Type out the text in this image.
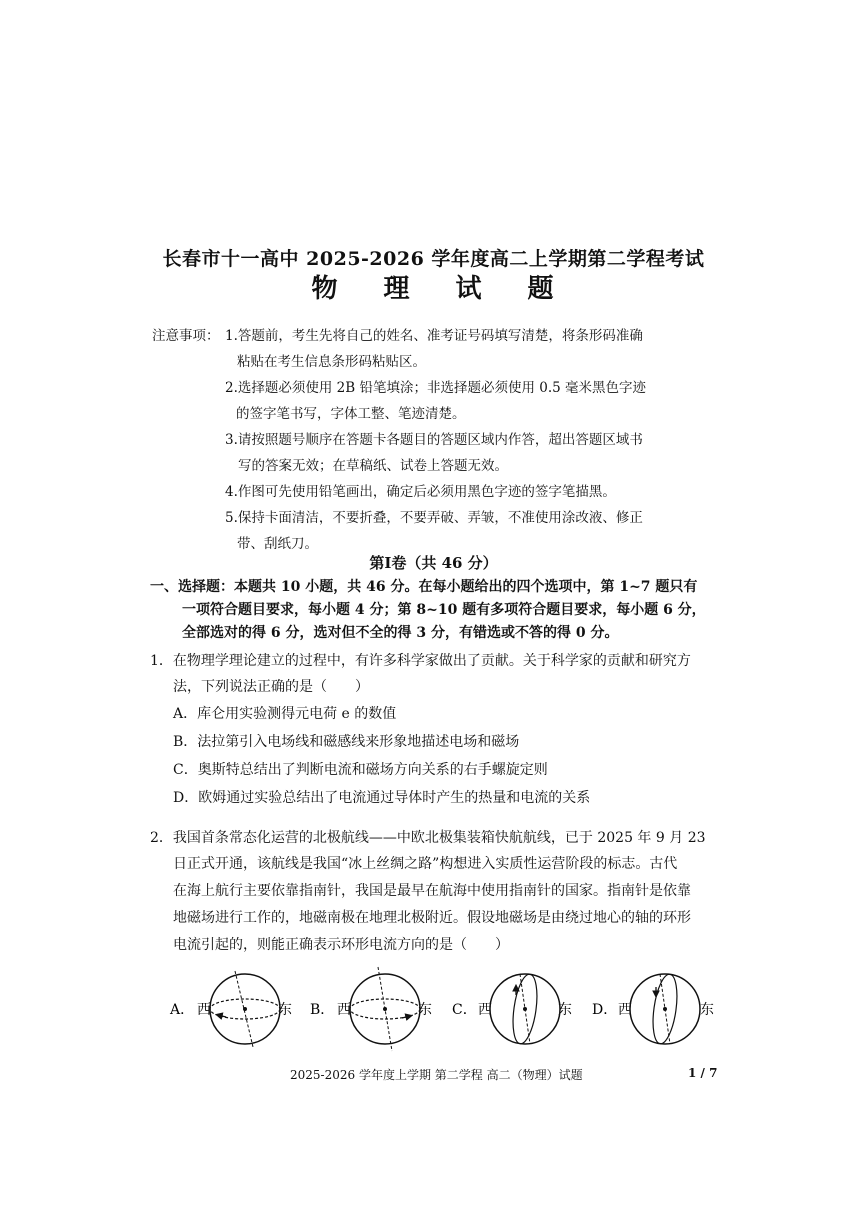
长春市十一高中 2025-2026 学年度高二上学期第二学程考试
物 理 试 题
注意事项： 1.答题前，考生先将自己的姓名、准考证号码填写清楚，将条形码准确
粘贴在考生信息条形码粘贴区。
2.选择题必须使用 2B 铅笔填涂；非选择题必须使用 0.5 毫米黑色字迹
的签字笔书写，字体工整、笔迹清楚。
3.请按照题号顺序在答题卡各题目的答题区域内作答，超出答题区域书
写的答案无效；在草稿纸、试卷上答题无效。
4.作图可先使用铅笔画出，确定后必须用黑色字迹的签字笔描黑。
5.保持卡面清洁，不要折叠，不要弄破、弄皱，不准使用涂改液、修正
带、刮纸刀。
第Ⅰ卷（共 46 分）
一、选择题：本题共 10 小题，共 46 分。在每小题给出的四个选项中，第 1~7 题只有
一项符合题目要求，每小题 4 分；第 8~10 题有多项符合题目要求，每小题 6 分，
全部选对的得 6 分，选对但不全的得 3 分，有错选或不答的得 0 分。
1．在物理学理论建立的过程中，有许多科学家做出了贡献。关于科学家的贡献和研究方
法，下列说法正确的是（　　）
A．库仑用实验测得元电荷 e 的数值
B．法拉第引入电场线和磁感线来形象地描述电场和磁场
C．奥斯特总结出了判断电流和磁场方向关系的右手螺旋定则
D．欧姆通过实验总结出了电流通过导体时产生的热量和电流的关系
2．我国首条常态化运营的北极航线——中欧北极集装箱快航航线，已于 2025 年 9 月 23
日正式开通，该航线是我国“冰上丝绸之路”构想进入实质性运营阶段的标志。古代
在海上航行主要依靠指南针，我国是最早在航海中使用指南针的国家。指南针是依靠
地磁场进行工作的，地磁南极在地理北极附近。假设地磁场是由绕过地心的轴的环形
电流引起的，则能正确表示环形电流方向的是（　　）
A． 西	东 B． 西	东 C． 西	东 D． 西	东
2025-2026 学年度上学期 第二学程 高二（物理）试题	1 / 7
